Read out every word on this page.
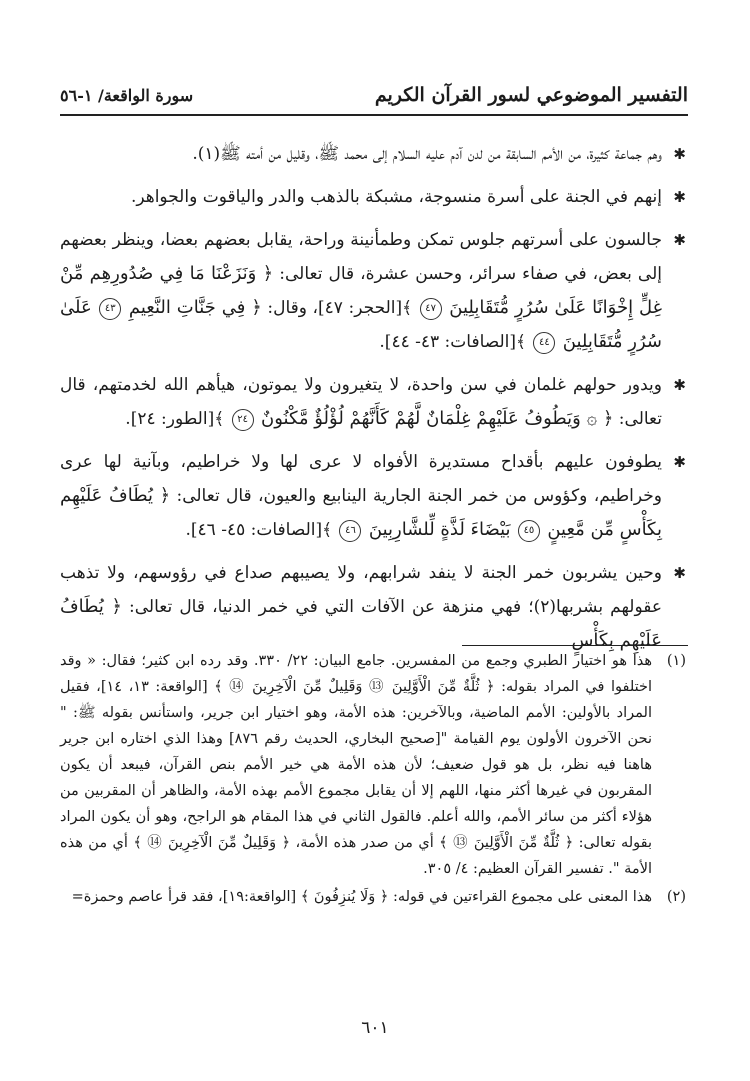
التفسير الموضوعي لسور القرآن الكريم
سورة الواقعة/ ١-٥٦
✱
وهم جماعة كثيرة، من الأمم السابقة من لدن آدم عليه السلام إلى محمد ﷺ، وقليل من أمته ﷺ(١).
✱
إنهم في الجنة على أسرة منسوجة، مشبكة بالذهب والدر والياقوت والجواهر.
✱
جالسون على أسرتهم جلوس تمكن وطمأنينة وراحة، يقابل بعضهم بعضا، وينظر بعضهم إلى بعض، في صفاء سرائر، وحسن عشرة، قال تعالى: ﴿ وَنَزَعْنَا مَا فِي صُدُورِهِم مِّنْ غِلٍّ إِخْوَانًا عَلَىٰ سُرُرٍ مُّتَقَابِلِينَ ٤٧ ﴾[الحجر: ٤٧]، وقال: ﴿ فِي جَنَّاتِ النَّعِيمِ ٤٣ عَلَىٰ سُرُرٍ مُّتَقَابِلِينَ ٤٤ ﴾[الصافات: ٤٣- ٤٤].
✱
ويدور حولهم غلمان في سن واحدة، لا يتغيرون ولا يموتون، هيأهم الله لخدمتهم، قال تعالى: ﴿ ۞ وَيَطُوفُ عَلَيْهِمْ غِلْمَانٌ لَّهُمْ كَأَنَّهُمْ لُؤْلُؤٌ مَّكْنُونٌ ٢٤ ﴾[الطور: ٢٤].
✱
يطوفون عليهم بأقداح مستديرة الأفواه لا عرى لها ولا خراطيم، وبآنية لها عرى وخراطيم، وكؤوس من خمر الجنة الجارية الينابيع والعيون، قال تعالى: ﴿ يُطَافُ عَلَيْهِم بِكَأْسٍ مِّن مَّعِينٍ ٤٥ بَيْضَاءَ لَذَّةٍ لِّلشَّارِبِينَ ٤٦ ﴾[الصافات: ٤٥- ٤٦].
✱
وحين يشربون خمر الجنة لا ينفد شرابهم، ولا يصيبهم صداع في رؤوسهم، ولا تذهب عقولهم بشربها(٢)؛ فهي منزهة عن الآفات التي في خمر الدنيا، قال تعالى: ﴿ يُطَافُ عَلَيْهِم بِكَأْسٍ
(١)
هذا هو اختيار الطبري وجمع من المفسرين. جامع البيان: ٢٢/ ٣٣٠. وقد رده ابن كثير؛ فقال: « وقد اختلفوا في المراد بقوله: ﴿ ثُلَّةٌ مِّنَ الْأَوَّلِينَ ⑬ وَقَلِيلٌ مِّنَ الْآخِرِينَ ⑭ ﴾ [الواقعة: ١٣، ١٤]، فقيل المراد بالأولين: الأمم الماضية، وبالآخرين: هذه الأمة، وهو اختيار ابن جرير، واستأنس بقوله ﷺ: " نحن الآخرون الأولون يوم القيامة "[صحيح البخاري، الحديث رقم ٨٧٦] وهذا الذي اختاره ابن جرير هاهنا فيه نظر، بل هو قول ضعيف؛ لأن هذه الأمة هي خير الأمم بنص القرآن، فيبعد أن يكون المقربون في غيرها أكثر منها، اللهم إلا أن يقابل مجموع الأمم بهذه الأمة، والظاهر أن المقربين من هؤلاء أكثر من سائر الأمم، والله أعلم. فالقول الثاني في هذا المقام هو الراجح، وهو أن يكون المراد بقوله تعالى: ﴿ ثُلَّةٌ مِّنَ الْأَوَّلِينَ ⑬ ﴾ أي من صدر هذه الأمة، ﴿ وَقَلِيلٌ مِّنَ الْآخِرِينَ ⑭ ﴾ أي من هذه الأمة ". تفسير القرآن العظيم: ٤/ ٣٠٥.
(٢)
هذا المعنى على مجموع القراءتين في قوله: ﴿ وَلَا يُنزِفُونَ ﴾ [الواقعة:١٩]، فقد قرأ عاصم وحمزة=
٦٠١
